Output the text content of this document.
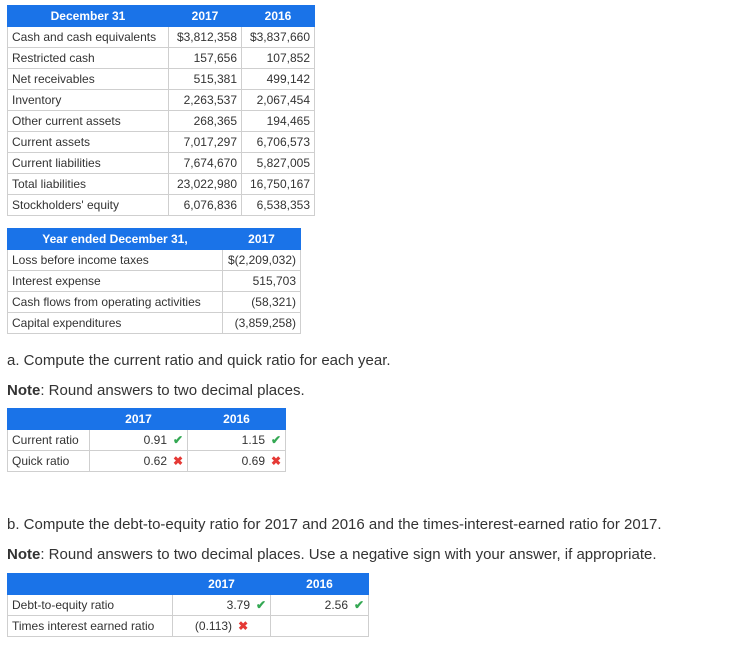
December 31	2017	2016
Cash and cash equivalents	$3,812,358	$3,837,660
Restricted cash	157,656	107,852
Net receivables	515,381	499,142
Inventory	2,263,537	2,067,454
Other current assets	268,365	194,465
Current assets	7,017,297	6,706,573
Current liabilities	7,674,670	5,827,005
Total liabilities	23,022,980	16,750,167
Stockholders' equity	6,076,836	6,538,353
Year ended December 31,	2017
Loss before income taxes	$(2,209,032)
Interest expense	515,703
Cash flows from operating activities	(58,321)
Capital expenditures	(3,859,258)
a. Compute the current ratio and quick ratio for each year.
Note: Round answers to two decimal places.
	2017	2016
Current ratio	0.91 ✔	1.15 ✔
Quick ratio	0.62 ✖	0.69 ✖
b. Compute the debt-to-equity ratio for 2017 and 2016 and the times-interest-earned ratio for 2017.
Note: Round answers to two decimal places. Use a negative sign with your answer, if appropriate.
	2017	2016
Debt-to-equity ratio	3.79 ✔	2.56 ✔
Times interest earned ratio	(0.113) ✖	
